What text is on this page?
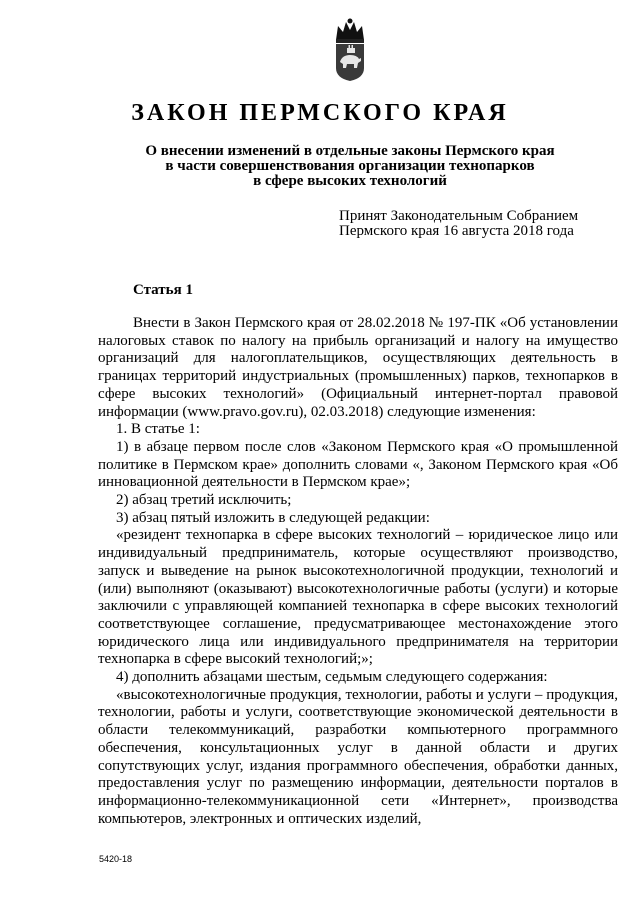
ЗАКОН ПЕРМСКОГО КРАЯ
О внесении изменений в отдельные законы Пермского края
в части совершенствования организации технопарков
в сфере высоких технологий
Принят Законодательным Собранием
Пермского края 16 августа 2018 года
Статья 1

Внести в Закон Пермского края от 28.02.2018 № 197-ПК «Об установлении налоговых ставок по налогу на прибыль организаций и налогу на имущество организаций для налогоплательщиков, осуществляющих деятельность в границах территорий индустриальных (промышленных) парков, технопарков в сфере высоких технологий» (Официальный интернет-портал правовой информации (www.pravo.gov.ru), 02.03.2018) следующие изменения:

1. В статье 1:

1) в абзаце первом после слов «Законом Пермского края «О промышленной политике в Пермском крае» дополнить словами «, Законом Пермского края «Об инновационной деятельности в Пермском крае»;

2) абзац третий исключить;

3) абзац пятый изложить в следующей редакции:

«резидент технопарка в сфере высоких технологий – юридическое лицо или индивидуальный предприниматель, которые осуществляют производство, запуск и выведение на рынок высокотехнологичной продукции, технологий и (или) выполняют (оказывают) высокотехнологичные работы (услуги) и которые заключили с управляющей компанией технопарка в сфере высоких технологий соответствующее соглашение, предусматривающее местонахождение этого юридического лица или индивидуального предпринимателя на территории технопарка в сфере высокий технологий;»;

4) дополнить абзацами шестым, седьмым следующего содержания:

«высокотехнологичные продукция, технологии, работы и услуги – продукция, технологии, работы и услуги, соответствующие экономической деятельности в области телекоммуникаций, разработки компьютерного программного обеспечения, консультационных услуг в данной области и других сопутствующих услуг, издания программного обеспечения, обработки данных, предоставления услуг по размещению информации, деятельности порталов в информационно-телекоммуникационной сети «Интернет», производства компьютеров, электронных и оптических изделий,

5420-18
